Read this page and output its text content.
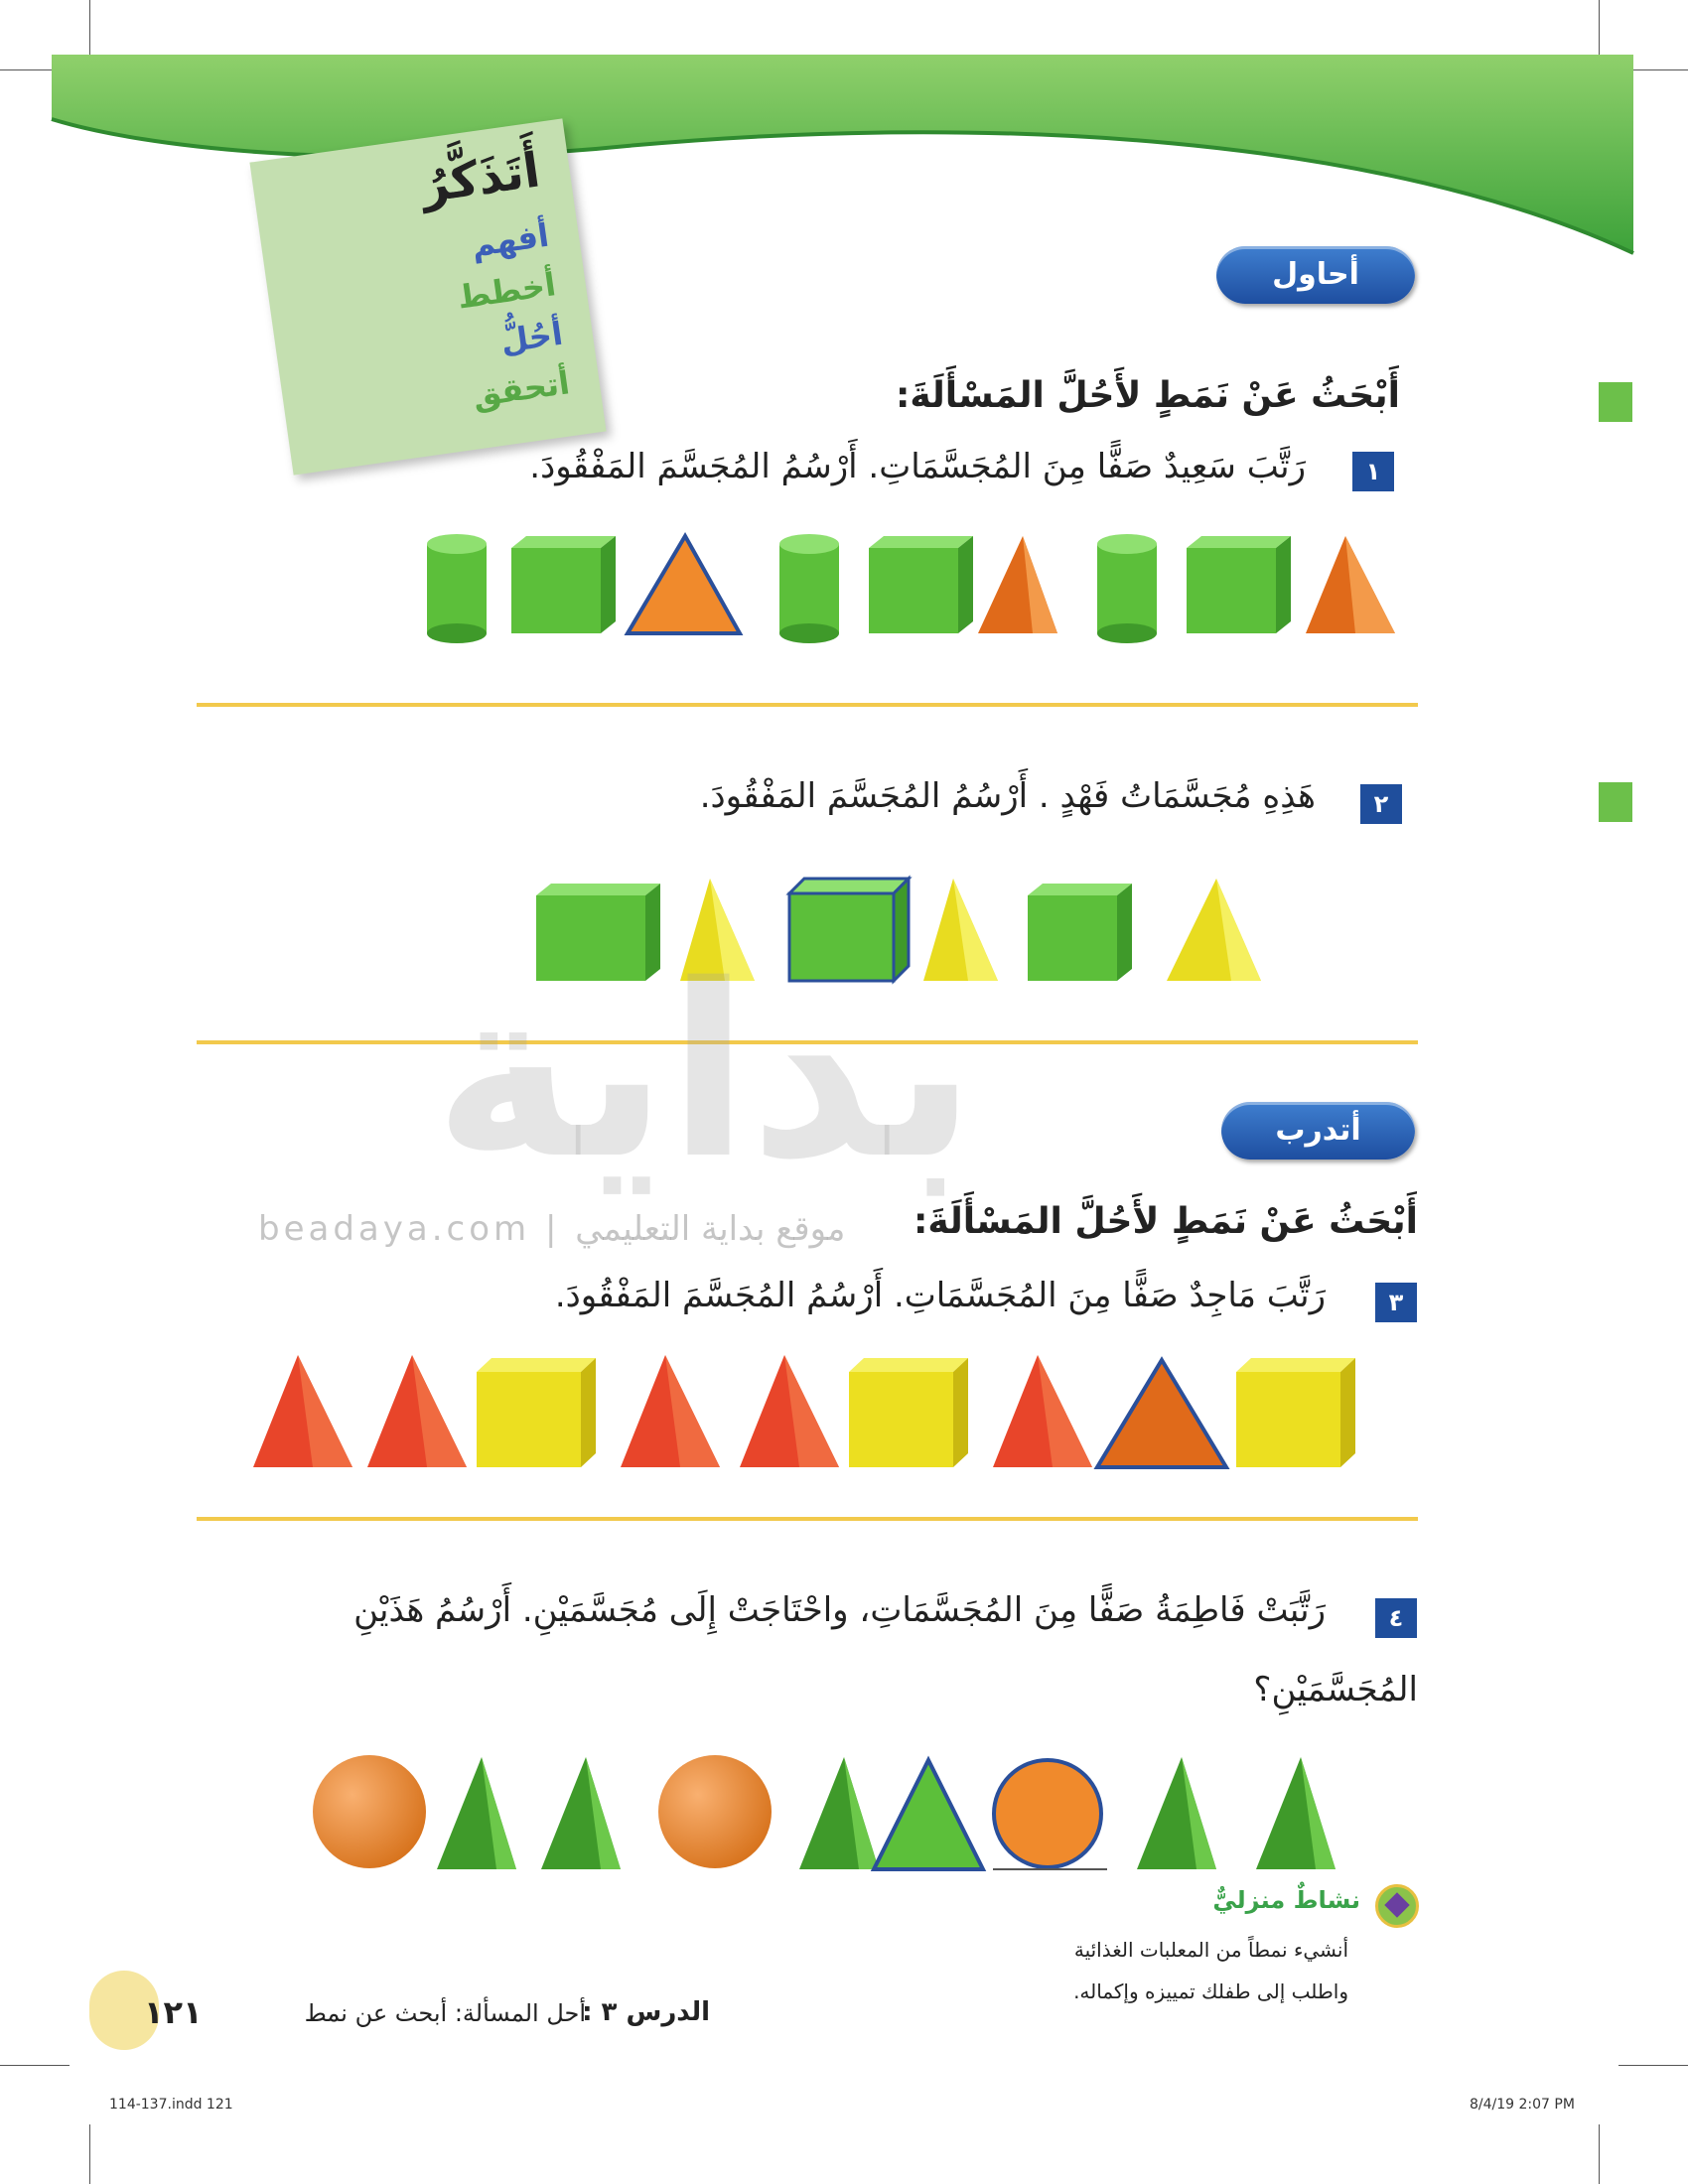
أَتَذَكَّرُ
أفهم
أخطط
أحُلُّ
أتحقق
أحاول
أَبْحَثُ عَنْ نَمَطٍ لأَحُلَّ المَسْأَلَةَ:
١
رَتَّبَ سَعِيدٌ صَفًّا مِنَ المُجَسَّمَاتِ. أَرْسُمُ المُجَسَّمَ المَفْقُودَ.
٢
هَذِهِ مُجَسَّمَاتُ فَهْدٍ . أَرْسُمُ المُجَسَّمَ المَفْقُودَ.
بداية
beadaya.com | موقع بداية التعليمي
أتدرب
أَبْحَثُ عَنْ نَمَطٍ لأَحُلَّ المَسْأَلَةَ:
٣
رَتَّبَ مَاجِدٌ صَفًّا مِنَ المُجَسَّمَاتِ. أَرْسُمُ المُجَسَّمَ المَفْقُودَ.
٤
رَتَّبَتْ فَاطِمَةُ صَفًّا مِنَ المُجَسَّمَاتِ، واحْتَاجَتْ إِلَى مُجَسَّمَيْنِ. أَرْسُمُ هَذَيْنِ
المُجَسَّمَيْنِ؟
نشاطٌ منزليٌّ
أنشيء نمطاً من المعلبات الغذائية
واطلب إلى طفلك تمييزه وإكماله.
١٢١	الدرس ٣ :
أحل المسألة: أبحث عن نمط
114-137.indd 121	8/4/19 2:07 PM
